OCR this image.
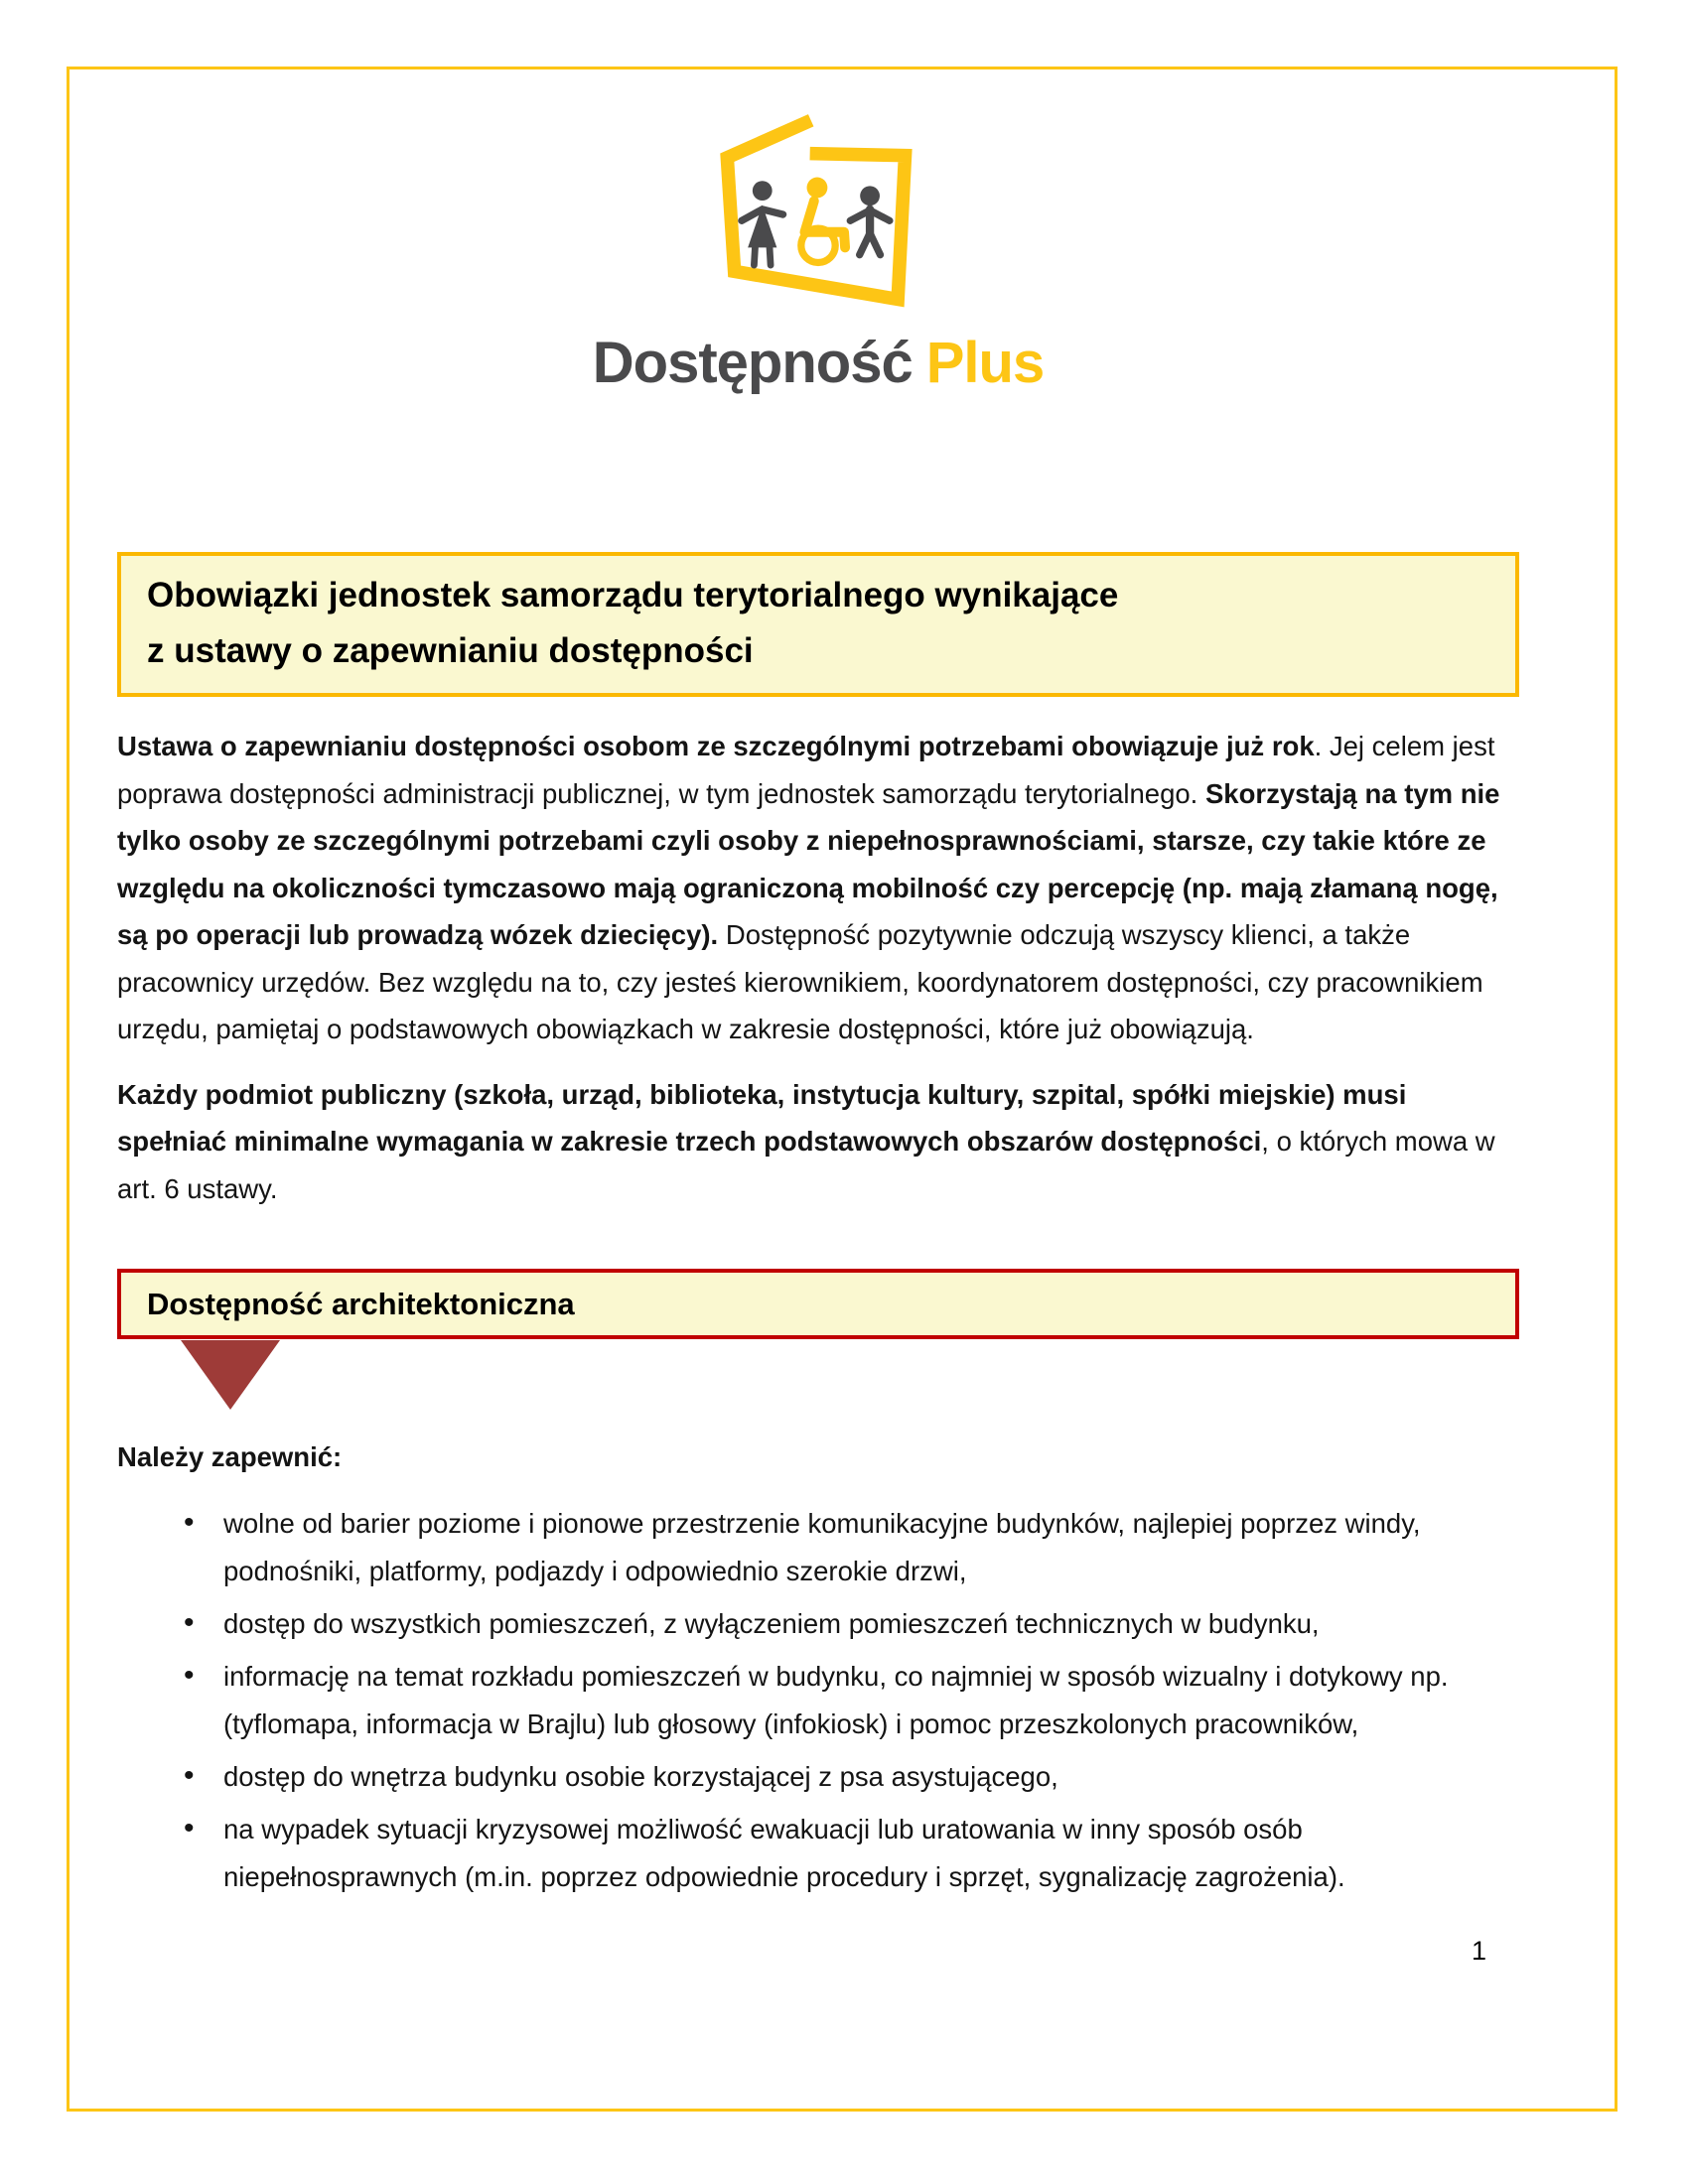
Dostępność Plus
Obowiązki jednostek samorządu terytorialnego wynikające
z ustawy o zapewnianiu dostępności

Ustawa o zapewnianiu dostępności osobom ze szczególnymi potrzebami obowiązuje już rok. Jej celem jest poprawa dostępności administracji publicznej, w tym jednostek samorządu terytorialnego. Skorzystają na tym nie tylko osoby ze szczególnymi potrzebami czyli osoby z niepełnosprawnościami, starsze, czy takie które ze względu na okoliczności tymczasowo mają ograniczoną mobilność czy percepcję (np. mają złamaną nogę, są po operacji lub prowadzą wózek dziecięcy). Dostępność pozytywnie odczują wszyscy klienci, a także pracownicy urzędów. Bez względu na to, czy jesteś kierownikiem, koordynatorem dostępności, czy pracownikiem urzędu, pamiętaj o podstawowych obowiązkach w zakresie dostępności, które już obowiązują.

Każdy podmiot publiczny (szkoła, urząd, biblioteka, instytucja kultury, szpital, spółki miejskie) musi spełniać minimalne wymagania w zakresie trzech podstawowych obszarów dostępności, o których mowa w art. 6 ustawy.

Dostępność architektoniczna

Należy zapewnić:

• wolne od barier poziome i pionowe przestrzenie komunikacyjne budynków, najlepiej poprzez windy, podnośniki, platformy, podjazdy i odpowiednio szerokie drzwi,
• dostęp do wszystkich pomieszczeń, z wyłączeniem pomieszczeń technicznych w budynku,
• informację na temat rozkładu pomieszczeń w budynku, co najmniej w sposób wizualny i dotykowy np. (tyflomapa, informacja w Brajlu) lub głosowy (infokiosk) i pomoc przeszkolonych pracowników,
• dostęp do wnętrza budynku osobie korzystającej z psa asystującego,
• na wypadek sytuacji kryzysowej możliwość ewakuacji lub uratowania w inny sposób osób niepełnosprawnych (m.in. poprzez odpowiednie procedury i sprzęt, sygnalizację zagrożenia).
1
